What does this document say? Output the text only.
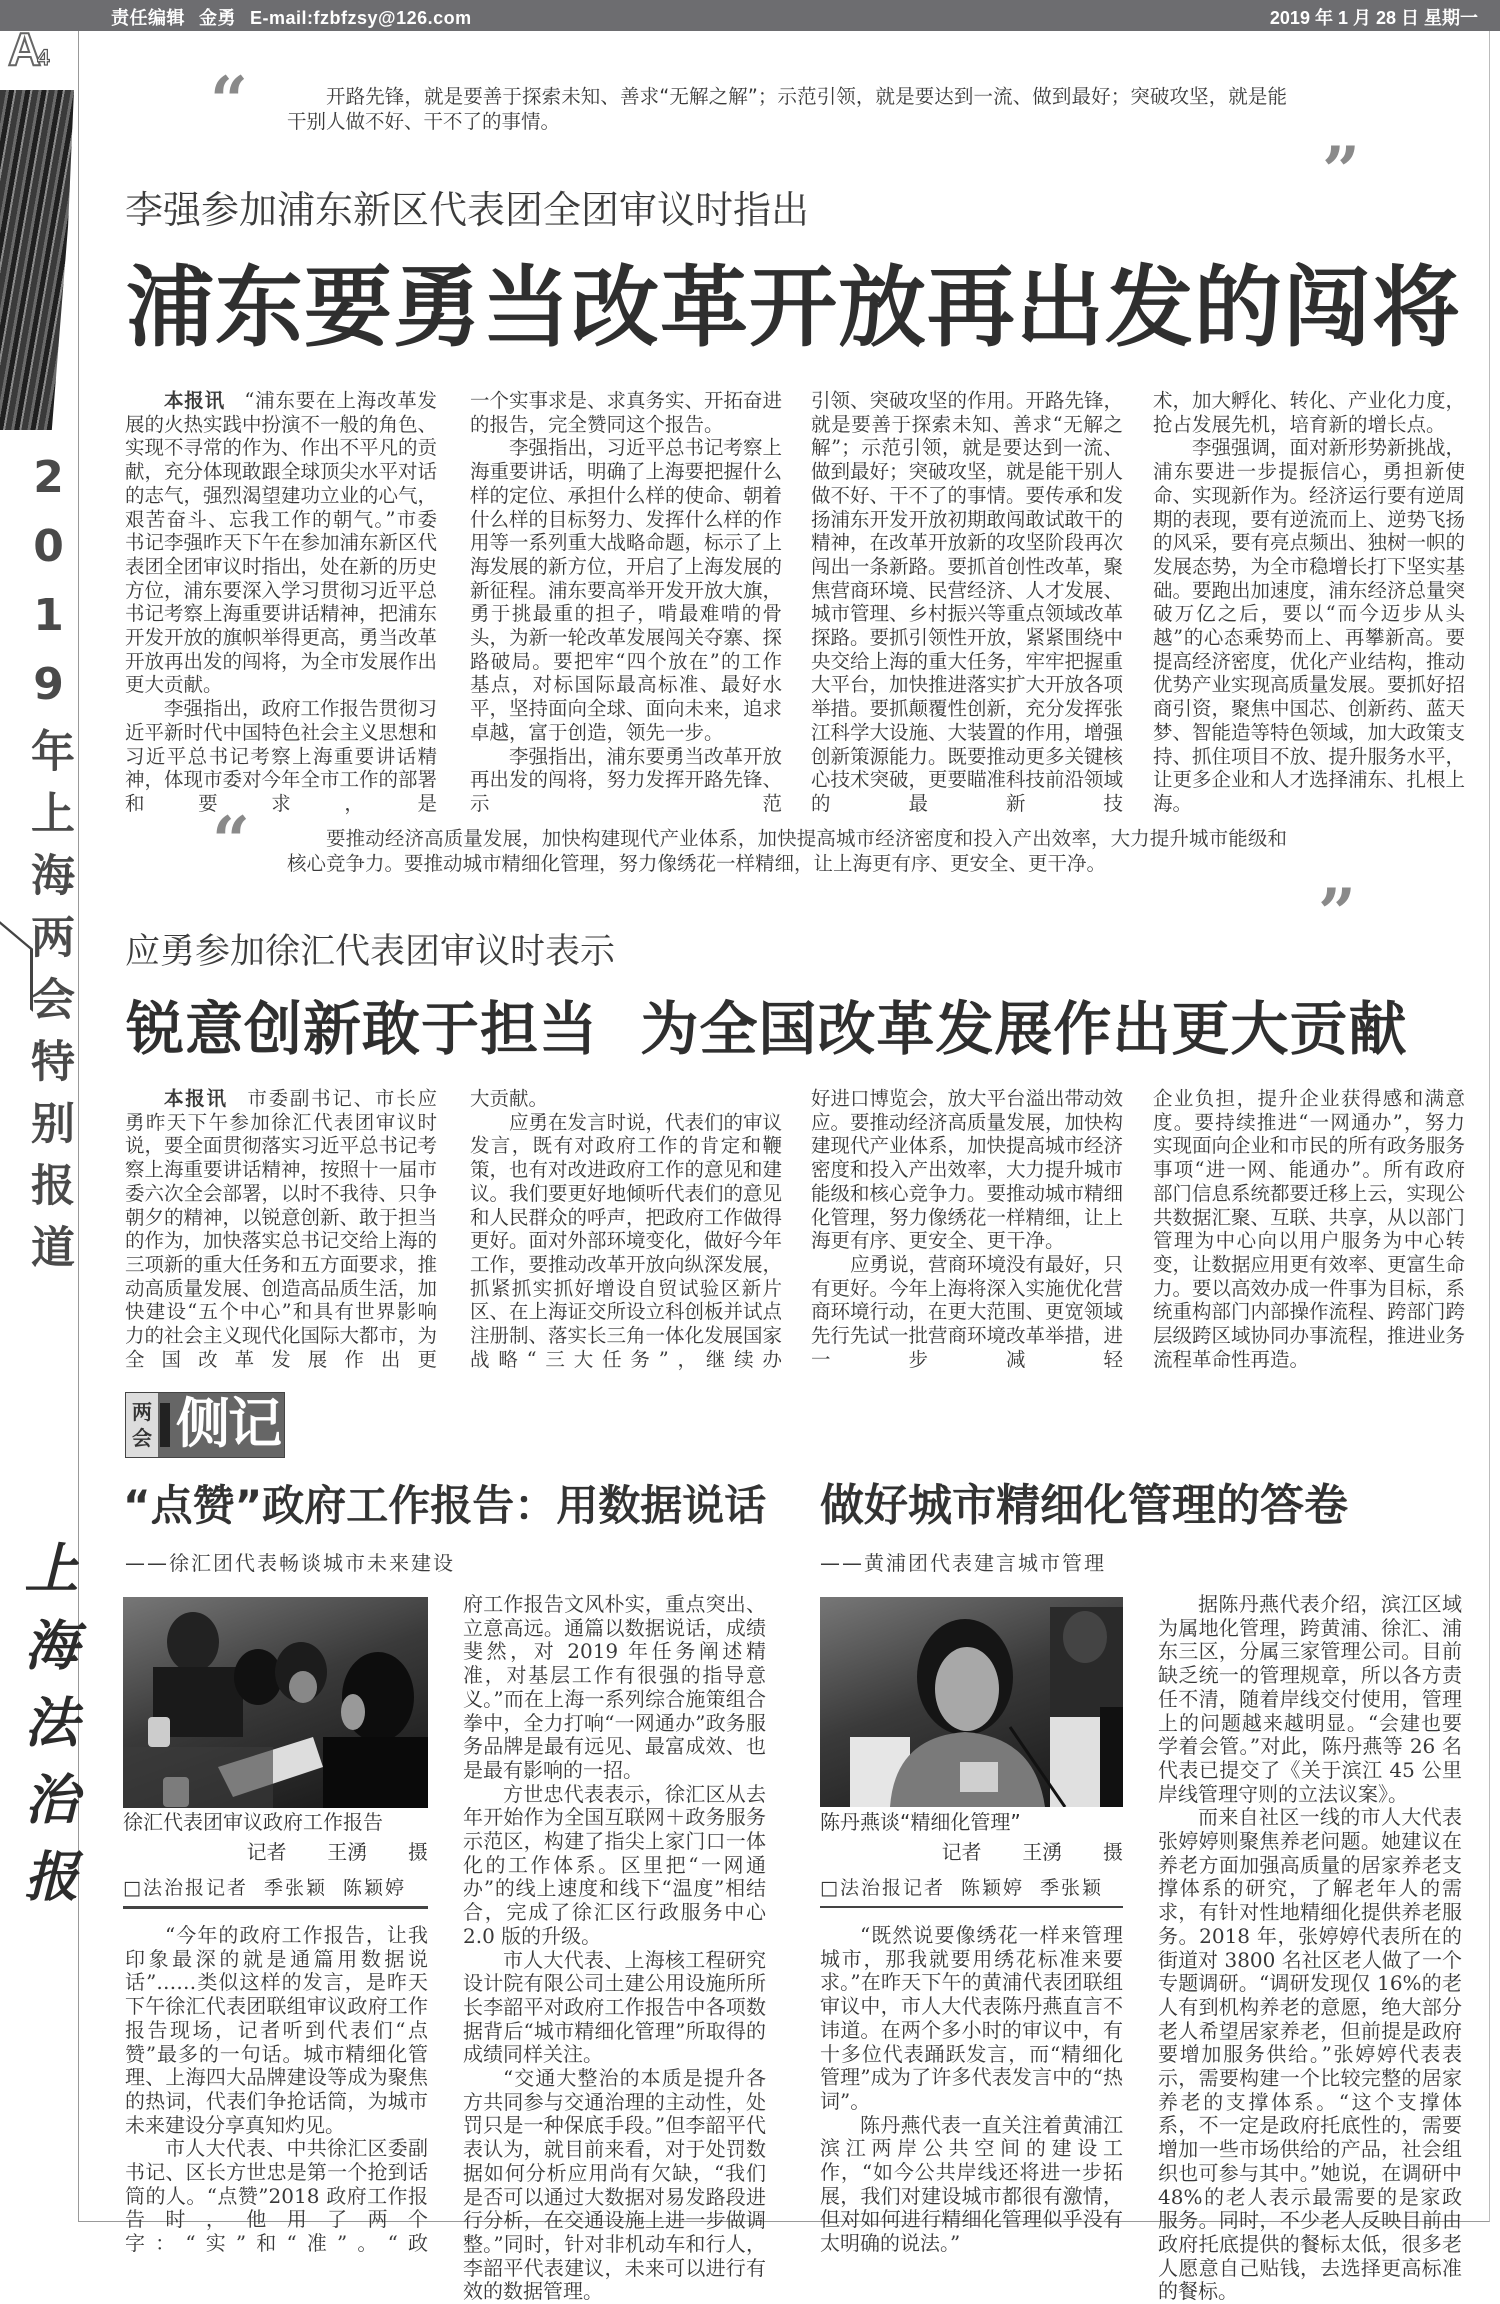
责任编辑 金勇 E-mail:fzbfzsy@126.com	2019 年 1 月 28 日 星期一
A4
2019年上海两会特别报道
上海法治报
“	开路先锋，就是要善于探索未知、善求“无解之解”；示范引领，就是要达到一流、做到最好；突破攻坚，就是能干别人做不好、干不了的事情。
”
李强参加浦东新区代表团全团审议时指出
浦东要勇当改革开放再出发的闯将

本报讯 “浦东要在上海改革发展的火热实践中扮演不一般的角色、实现不寻常的作为、作出不平凡的贡献，充分体现敢跟全球顶尖水平对话的志气，强烈渴望建功立业的心气，艰苦奋斗、忘我工作的朝气。”市委书记李强昨天下午在参加浦东新区代表团全团审议时指出，处在新的历史方位，浦东要深入学习贯彻习近平总书记考察上海重要讲话精神，把浦东开发开放的旗帜举得更高，勇当改革开放再出发的闯将，为全市发展作出更大贡献。

李强指出，政府工作报告贯彻习近平新时代中国特色社会主义思想和习近平总书记考察上海重要讲话精神，体现市委对今年全市工作的部署和要求，是

一个实事求是、求真务实、开拓奋进的报告，完全赞同这个报告。

李强指出，习近平总书记考察上海重要讲话，明确了上海要把握什么样的定位、承担什么样的使命、朝着什么样的目标努力、发挥什么样的作用等一系列重大战略命题，标示了上海发展的新方位，开启了上海发展的新征程。浦东要高举开发开放大旗，勇于挑最重的担子，啃最难啃的骨头，为新一轮改革发展闯关夺寨、探路破局。要把牢“四个放在”的工作基点，对标国际最高标准、最好水平，坚持面向全球、面向未来，追求卓越，富于创造，领先一步。

李强指出，浦东要勇当改革开放再出发的闯将，努力发挥开路先锋、示范

引领、突破攻坚的作用。开路先锋，就是要善于探索未知、善求“无解之解”；示范引领，就是要达到一流、做到最好；突破攻坚，就是能干别人做不好、干不了的事情。要传承和发扬浦东开发开放初期敢闯敢试敢干的精神，在改革开放新的攻坚阶段再次闯出一条新路。要抓首创性改革，聚焦营商环境、民营经济、人才发展、城市管理、乡村振兴等重点领域改革探路。要抓引领性开放，紧紧围绕中央交给上海的重大任务，牢牢把握重大平台，加快推进落实扩大开放各项举措。要抓颠覆性创新，充分发挥张江科学大设施、大装置的作用，增强创新策源能力。既要推动更多关键核心技术突破，更要瞄准科技前沿领域的最新技

术，加大孵化、转化、产业化力度，抢占发展先机，培育新的增长点。

李强强调，面对新形势新挑战，浦东要进一步提振信心，勇担新使命、实现新作为。经济运行要有逆周期的表现，要有逆流而上、逆势飞扬的风采，要有亮点频出、独树一帜的发展态势，为全市稳增长打下坚实基础。要跑出加速度，浦东经济总量突破万亿之后，要以“而今迈步从头越”的心态乘势而上、再攀新高。要提高经济密度，优化产业结构，推动优势产业实现高质量发展。要抓好招商引资，聚焦中国芯、创新药、蓝天梦、智能造等特色领域，加大政策支持、抓住项目不放、提升服务水平，让更多企业和人才选择浦东、扎根上海。

“	要推动经济高质量发展，加快构建现代产业体系，加快提高城市经济密度和投入产出效率，大力提升城市能级和核心竞争力。要推动城市精细化管理，努力像绣花一样精细，让上海更有序、更安全、更干净。
”
应勇参加徐汇代表团审议时表示
锐意创新敢于担当  为全国改革发展作出更大贡献

本报讯 市委副书记、市长应勇昨天下午参加徐汇代表团审议时说，要全面贯彻落实习近平总书记考察上海重要讲话精神，按照十一届市委六次全会部署，以时不我待、只争朝夕的精神，以锐意创新、敢于担当的作为，加快落实总书记交给上海的三项新的重大任务和五方面要求，推动高质量发展、创造高品质生活，加快建设“五个中心”和具有世界影响力的社会主义现代化国际大都市，为全国改革发展作出更

大贡献。

应勇在发言时说，代表们的审议发言，既有对政府工作的肯定和鞭策，也有对改进政府工作的意见和建议。我们要更好地倾听代表们的意见和人民群众的呼声，把政府工作做得更好。面对外部环境变化，做好今年工作，要推动改革开放向纵深发展，抓紧抓实抓好增设自贸试验区新片区、在上海证交所设立科创板并试点注册制、落实长三角一体化发展国家战略“三大任务”，继续办

好进口博览会，放大平台溢出带动效应。要推动经济高质量发展，加快构建现代产业体系，加快提高城市经济密度和投入产出效率，大力提升城市能级和核心竞争力。要推动城市精细化管理，努力像绣花一样精细，让上海更有序、更安全、更干净。

应勇说，营商环境没有最好，只有更好。今年上海将深入实施优化营商环境行动，在更大范围、更宽领域先行先试一批营商环境改革举措，进一步减轻

企业负担，提升企业获得感和满意度。要持续推进“一网通办”，努力实现面向企业和市民的所有政务服务事项“进一网、能通办”。所有政府部门信息系统都要迁移上云，实现公共数据汇聚、互联、共享，从以部门管理为中心向以用户服务为中心转变，让数据应用更有效率、更富生命力。要以高效办成一件事为目标，系统重构部门内部操作流程、跨部门跨层级跨区域协同办事流程，推进业务流程革命性再造。

两会 侧记
“点赞”政府工作报告：用数据说话
——徐汇团代表畅谈城市未来建设
徐汇代表团审议政府工作报告
记者  王湧  摄
□法治报记者 季张颖 陈颖婷

“今年的政府工作报告，让我印象最深的就是通篇用数据说话”……类似这样的发言，是昨天下午徐汇代表团联组审议政府工作报告现场，记者听到代表们“点赞”最多的一句话。城市精细化管理、上海四大品牌建设等成为聚焦的热词，代表们争抢话筒，为城市未来建设分享真知灼见。

市人大代表、中共徐汇区委副书记、区长方世忠是第一个抢到话筒的人。“点赞”2018 政府工作报告时，他用了两个字：“实”和“准”。“政

府工作报告文风朴实，重点突出、立意高远。通篇以数据说话，成绩斐然，对 2019 年任务阐述精准，对基层工作有很强的指导意义。”而在上海一系列综合施策组合拳中，全力打响“一网通办”政务服务品牌是最有远见、最富成效、也是最有影响的一招。

方世忠代表表示，徐汇区从去年开始作为全国互联网＋政务服务示范区，构建了指尖上家门口一体化的工作体系。区里把“一网通办”的线上速度和线下“温度”相结合，完成了徐汇区行政服务中心 2.0 版的升级。

市人大代表、上海核工程研究设计院有限公司土建公用设施所所长李韶平对政府工作报告中各项数据背后“城市精细化管理”所取得的成绩同样关注。

“交通大整治的本质是提升各方共同参与交通治理的主动性，处罚只是一种保底手段。”但李韶平代表认为，就目前来看，对于处罚数据如何分析应用尚有欠缺，“我们是否可以通过大数据对易发路段进行分析，在交通设施上进一步做调整。”同时，针对非机动车和行人，李韶平代表建议，未来可以进行有效的数据管理。

做好城市精细化管理的答卷
——黄浦团代表建言城市管理
陈丹燕谈“精细化管理”
记者  王湧  摄
□法治报记者 陈颖婷 季张颖

“既然说要像绣花一样来管理城市，那我就要用绣花标准来要求。”在昨天下午的黄浦代表团联组审议中，市人大代表陈丹燕直言不讳道。在两个多小时的审议中，有十多位代表踊跃发言，而“精细化管理”成为了许多代表发言中的“热词”。

陈丹燕代表一直关注着黄浦江滨江两岸公共空间的建设工作，“如今公共岸线还将进一步拓展，我们对建设城市都很有激情，但对如何进行精细化管理似乎没有太明确的说法。”

据陈丹燕代表介绍，滨江区域为属地化管理，跨黄浦、徐汇、浦东三区，分属三家管理公司。目前缺乏统一的管理规章，所以各方责任不清，随着岸线交付使用，管理上的问题越来越明显。“会建也要学着会管。”对此，陈丹燕等 26 名代表已提交了《关于滨江 45 公里岸线管理守则的立法议案》。

而来自社区一线的市人大代表张婷婷则聚焦养老问题。她建议在养老方面加强高质量的居家养老支撑体系的研究，了解老年人的需求，有针对性地精细化提供养老服务。2018 年，张婷婷代表所在的街道对 3800 名社区老人做了一个专题调研。“调研发现仅 16%的老人有到机构养老的意愿，绝大部分老人希望居家养老，但前提是政府要增加服务供给。”张婷婷代表表示，需要构建一个比较完整的居家养老的支撑体系。“这个支撑体系，不一定是政府托底性的，需要增加一些市场供给的产品，社会组织也可参与其中。”她说，在调研中 48%的老人表示最需要的是家政服务。同时，不少老人反映目前由政府托底提供的餐标太低，很多老人愿意自己贴钱，去选择更高标准的餐标。
